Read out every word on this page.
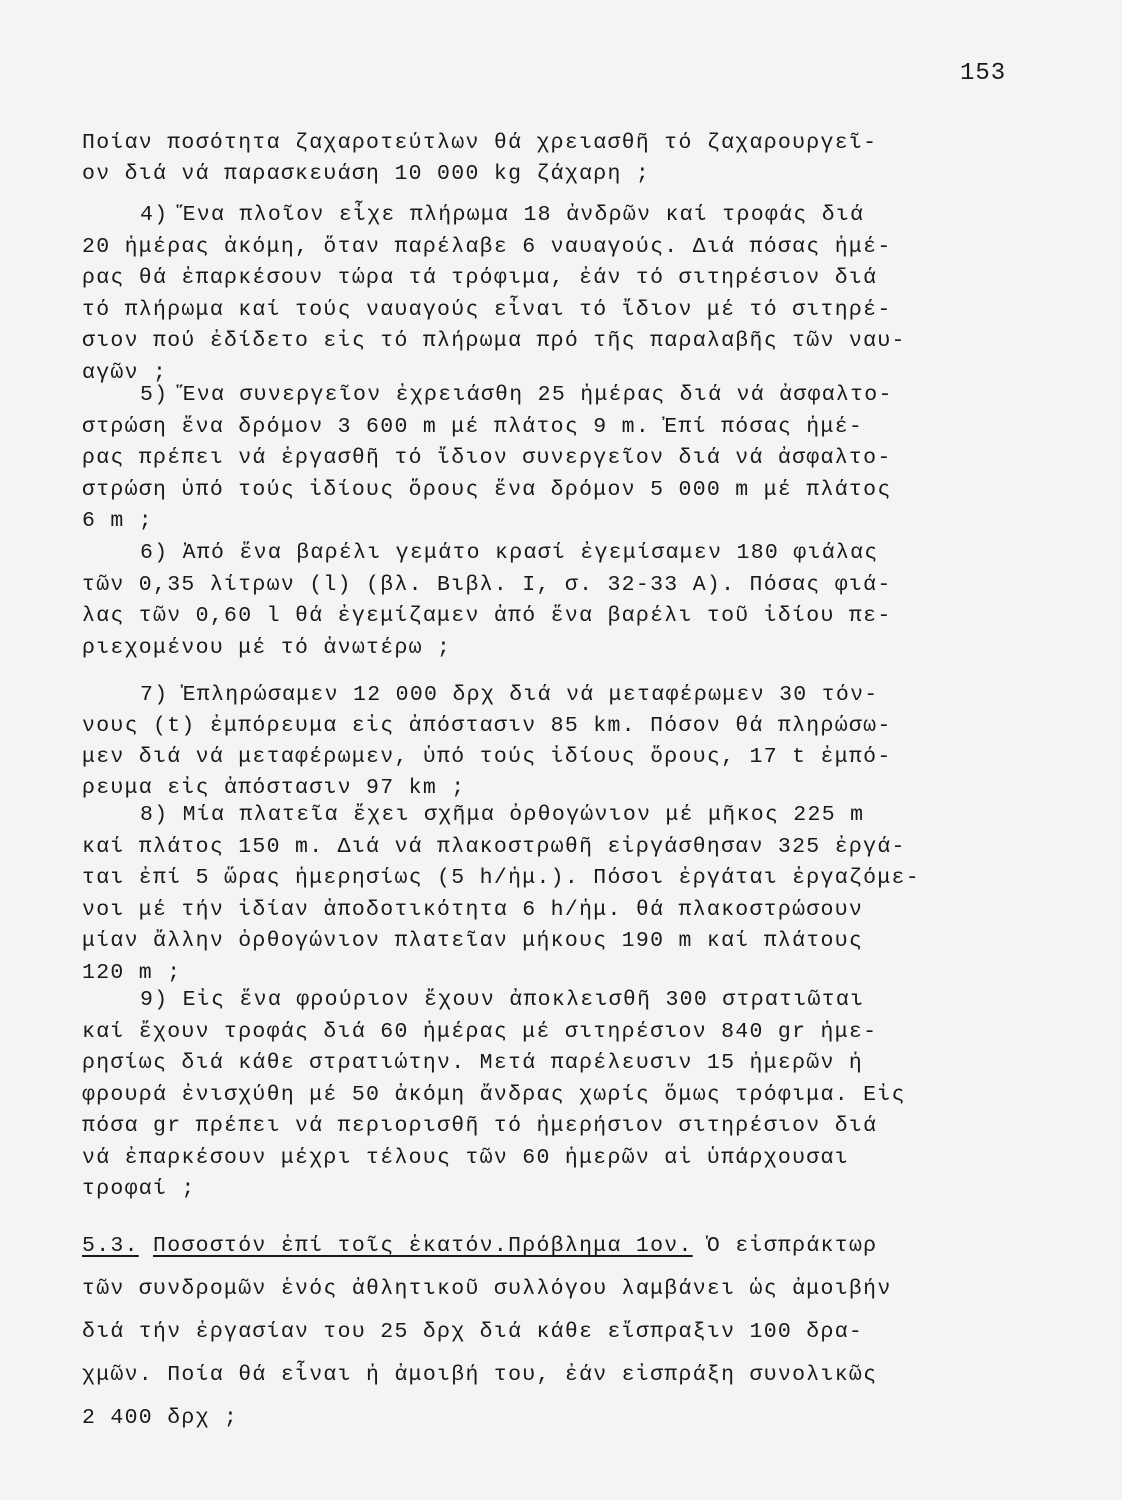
153
Ποίαν ποσότητα ζαχαροτεύτλων θά χρειασθῆ τό ζαχαρουργεῖ-
ον διά νά παρασκευάση 10 000 kg ζάχαρη ;
4) Ἕνα πλοῖον εἶχε πλήρωμα 18 ἀνδρῶν καί τροφάς διά
20 ἡμέρας ἀκόμη, ὅταν παρέλαβε 6 ναυαγούς. Διά πόσας ἡμέ-
ρας θά ἐπαρκέσουν τώρα τά τρόφιμα, ἐάν τό σιτηρέσιον διά
τό πλήρωμα καί τούς ναυαγούς εἶναι τό ἴδιον μέ τό σιτηρέ-
σιον πού ἐδίδετο εἰς τό πλήρωμα πρό τῆς παραλαβῆς τῶν ναυ-
αγῶν ;
5) Ἕνα συνεργεῖον ἐχρειάσθη 25 ἡμέρας διά νά ἀσφαλτο-
στρώση ἕνα δρόμον 3 600 m μέ πλάτος 9 m. Ἐπί πόσας ἡμέ-
ρας πρέπει νά ἐργασθῆ τό ἴδιον συνεργεῖον διά νά ἀσφαλτο-
στρώση ὑπό τούς ἰδίους ὅρους ἕνα δρόμον 5 000 m μέ πλάτος
6 m ;
6) Ἀπό ἕνα βαρέλι γεμάτο κρασί ἐγεμίσαμεν 180 φιάλας
τῶν 0,35 λίτρων (l) (βλ. Βιβλ. Ι, σ. 32-33 Α). Πόσας φιά-
λας τῶν 0,60 l θά ἐγεμίζαμεν ἀπό ἕνα βαρέλι τοῦ ἰδίου πε-
ριεχομένου μέ τό ἀνωτέρω ;
7) Ἐπληρώσαμεν 12 000 δρχ διά νά μεταφέρωμεν 30 τόν-
νους (t) ἐμπόρευμα εἰς ἀπόστασιν 85 km. Πόσον θά πληρώσω-
μεν διά νά μεταφέρωμεν, ὑπό τούς ἰδίους ὅρους, 17 t ἐμπό-
ρευμα εἰς ἀπόστασιν 97 km ;
8) Μία πλατεῖα ἔχει σχῆμα ὀρθογώνιον μέ μῆκος 225 m
καί πλάτος 150 m. Διά νά πλακοστρωθῆ εἰργάσθησαν 325 ἐργά-
ται ἐπί 5 ὥρας ἡμερησίως (5 h/ἡμ.). Πόσοι ἐργάται ἐργαζόμε-
νοι μέ τήν ἰδίαν ἀποδοτικότητα 6 h/ἡμ. θά πλακοστρώσουν
μίαν ἄλλην ὀρθογώνιον πλατεῖαν μήκους 190 m καί πλάτους
120 m ;
9) Εἰς ἕνα φρούριον ἔχουν ἀποκλεισθῆ 300 στρατιῶται
καί ἔχουν τροφάς διά 60 ἡμέρας μέ σιτηρέσιον 840 gr ἡμε-
ρησίως διά κάθε στρατιώτην. Μετά παρέλευσιν 15 ἡμερῶν ἡ
φρουρά ἐνισχύθη μέ 50 ἀκόμη ἄνδρας χωρίς ὅμως τρόφιμα. Εἰς
πόσα gr πρέπει νά περιορισθῆ τό ἡμερήσιον σιτηρέσιον διά
νά ἐπαρκέσουν μέχρι τέλους τῶν 60 ἡμερῶν αἱ ὑπάρχουσαι
τροφαί ;
5.3. Ποσοστόν ἐπί τοῖς ἑκατόν.Πρόβλημα 1ον. Ὁ εἰσπράκτωρ
τῶν συνδρομῶν ἑνός ἀθλητικοῦ συλλόγου λαμβάνει ὡς ἀμοιβήν
διά τήν ἐργασίαν του 25 δρχ διά κάθε εἴσπραξιν 100 δρα-
χμῶν. Ποία θά εἶναι ἡ ἀμοιβή του, ἐάν εἰσπράξη συνολικῶς
2 400 δρχ ;
